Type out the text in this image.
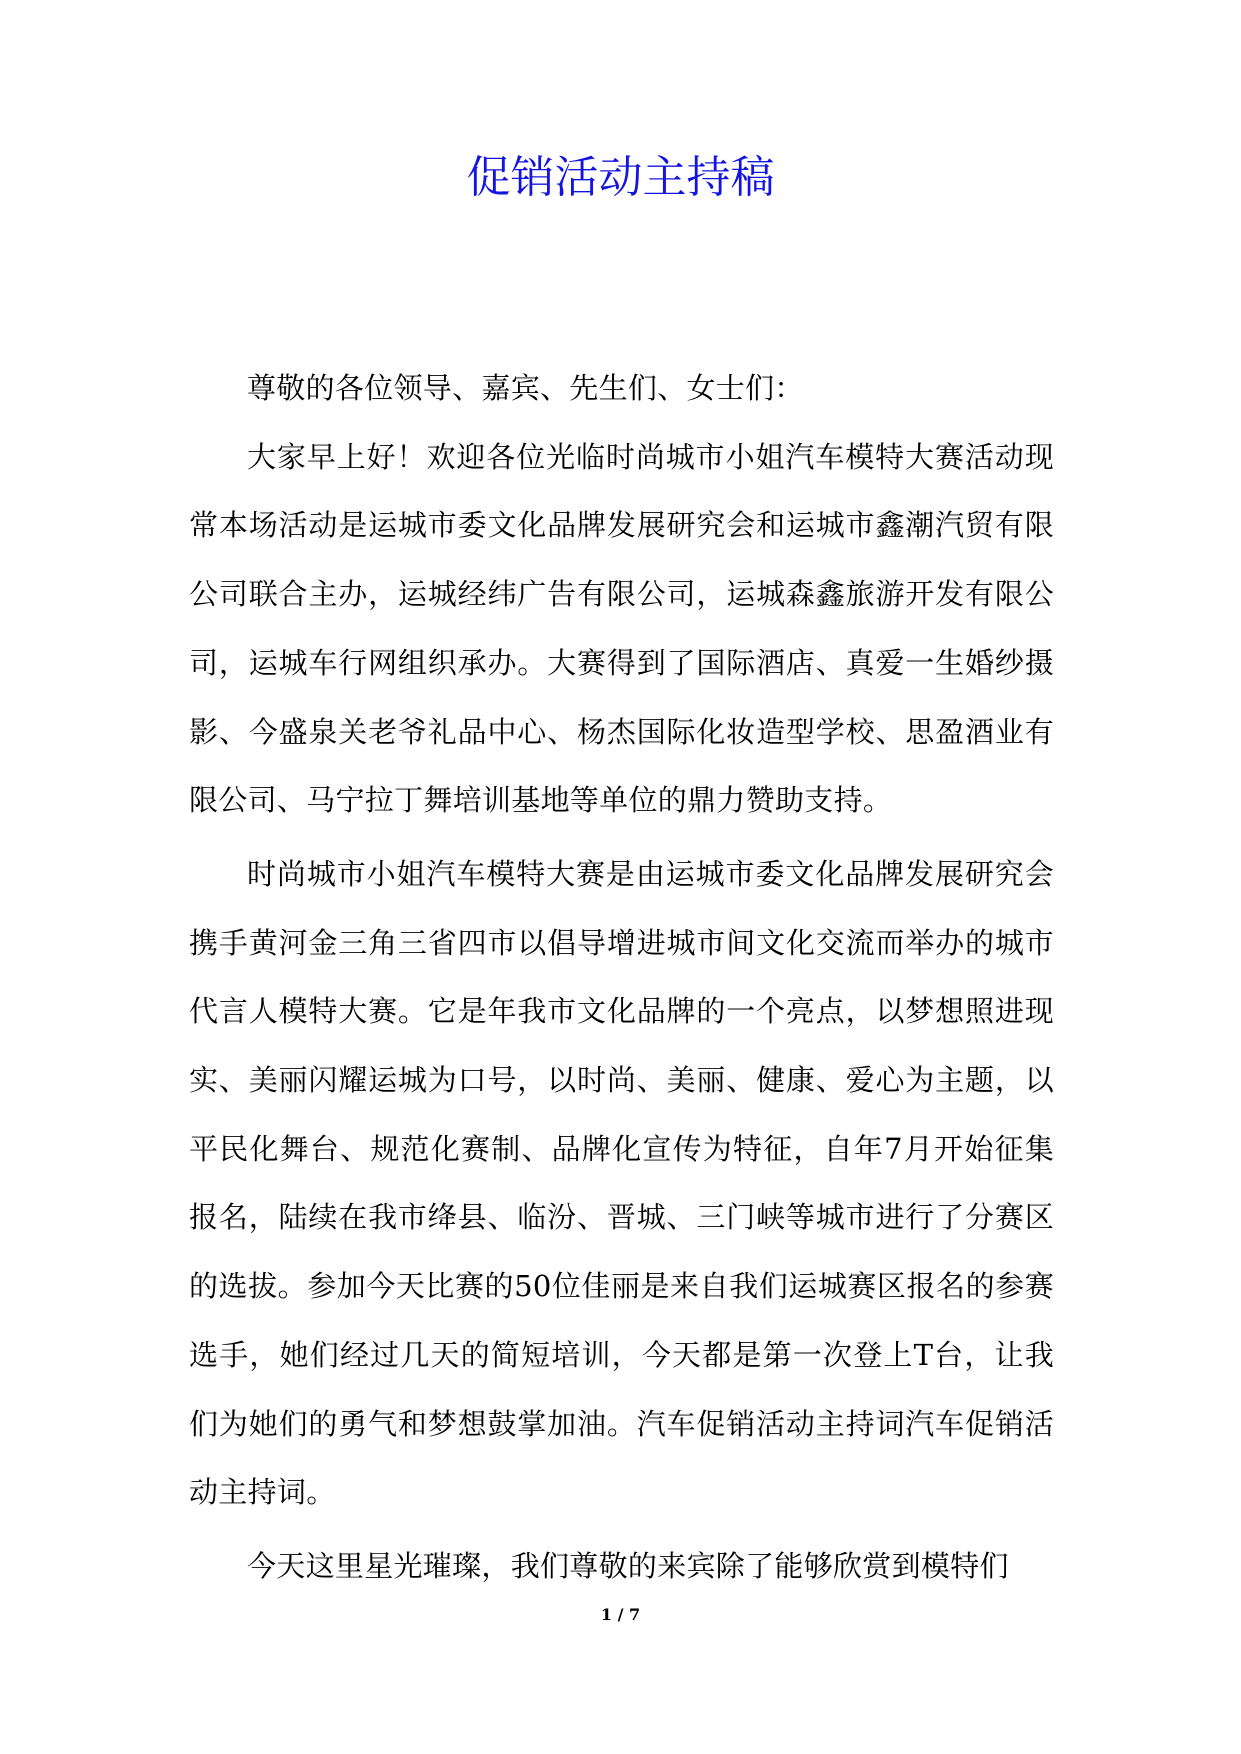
促销活动主持稿

尊敬的各位领导、嘉宾、先生们、女士们：

大家早上好！欢迎各位光临时尚城市小姐汽车模特大赛活动现常本场活动是运城市委文化品牌发展研究会和运城市鑫潮汽贸有限公司联合主办，运城经纬广告有限公司，运城森鑫旅游开发有限公司，运城车行网组织承办。大赛得到了国际酒店、真爱一生婚纱摄影、今盛泉关老爷礼品中心、杨杰国际化妆造型学校、思盈酒业有限公司、马宁拉丁舞培训基地等单位的鼎力赞助支持。

时尚城市小姐汽车模特大赛是由运城市委文化品牌发展研究会携手黄河金三角三省四市以倡导增进城市间文化交流而举办的城市代言人模特大赛。它是年我市文化品牌的一个亮点，以梦想照进现实、美丽闪耀运城为口号，以时尚、美丽、健康、爱心为主题，以平民化舞台、规范化赛制、品牌化宣传为特征，自年7月开始征集报名，陆续在我市绛县、临汾、晋城、三门峡等城市进行了分赛区的选拔。参加今天比赛的50位佳丽是来自我们运城赛区报名的参赛选手，她们经过几天的简短培训，今天都是第一次登上T台，让我们为她们的勇气和梦想鼓掌加油。汽车促销活动主持词汽车促销活动主持词。

今天这里星光璀璨，我们尊敬的来宾除了能够欣赏到模特们

1 / 7
